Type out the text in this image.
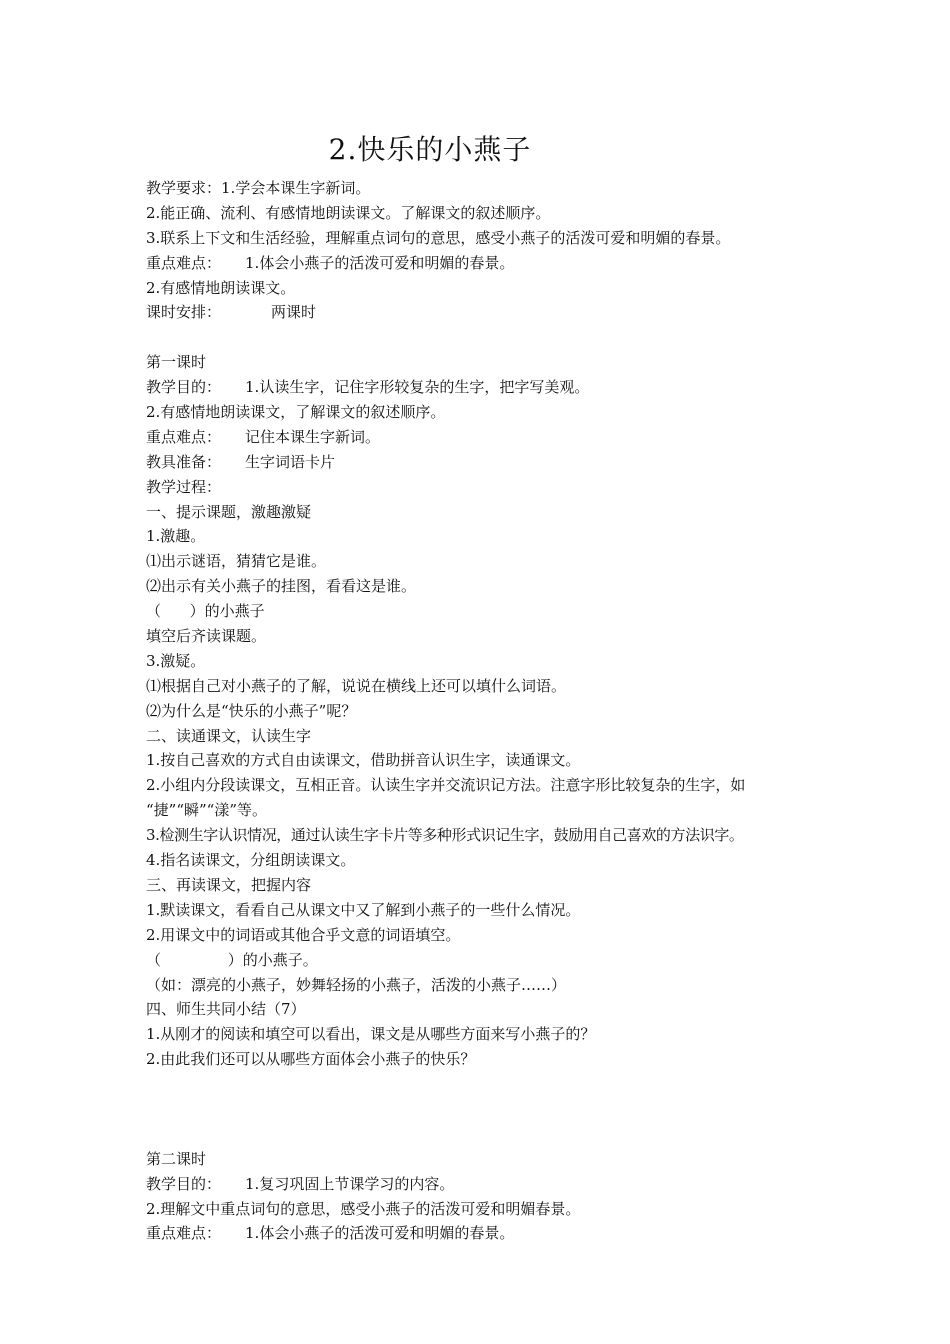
2.快乐的小燕子
教学要求：1.学会本课生字新词。
2.能正确、流利、有感情地朗读课文。了解课文的叙述顺序。
3.联系上下文和生活经验，理解重点词句的意思，感受小燕子的活泼可爱和明媚的春景。
重点难点： 1.体会小燕子的活泼可爱和明媚的春景。
2.有感情地朗读课文。
课时安排：	两课时
第一课时
教学目的： 1.认读生字，记住字形较复杂的生字，把字写美观。
2.有感情地朗读课文，了解课文的叙述顺序。
重点难点： 记住本课生字新词。
教具准备： 生字词语卡片
教学过程：
一、提示课题，激趣激疑
1.激趣。
⑴出示谜语，猜猜它是谁。
⑵出示有关小燕子的挂图，看看这是谁。
（      ）的小燕子
填空后齐读课题。
3.激疑。
⑴根据自己对小燕子的了解，说说在横线上还可以填什么词语。
⑵为什么是“快乐的小燕子”呢？
二、读通课文，认读生字
1.按自己喜欢的方式自由读课文，借助拼音认识生字，读通课文。
2.小组内分段读课文，互相正音。认读生字并交流识记方法。注意字形比较复杂的生字，如
“捷”“瞬”“漾”等。
3.检测生字认识情况，通过认读生字卡片等多种形式识记生字，鼓励用自己喜欢的方法识字。
4.指名读课文，分组朗读课文。
三、再读课文，把握内容
1.默读课文，看看自己从课文中又了解到小燕子的一些什么情况。
2.用课文中的词语或其他合乎文意的词语填空。
（              ）的小燕子。
（如：漂亮的小燕子，妙舞轻扬的小燕子，活泼的小燕子……）
四、师生共同小结（7）
1.从刚才的阅读和填空可以看出，课文是从哪些方面来写小燕子的？
2.由此我们还可以从哪些方面体会小燕子的快乐？
第二课时
教学目的： 1.复习巩固上节课学习的内容。
2.理解文中重点词句的意思，感受小燕子的活泼可爱和明媚春景。
重点难点： 1.体会小燕子的活泼可爱和明媚的春景。
